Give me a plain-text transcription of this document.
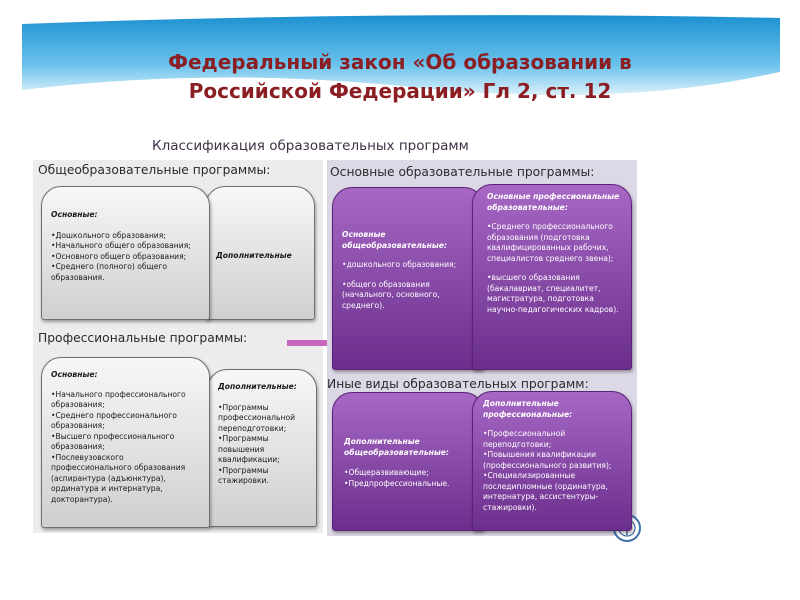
Федеральный закон «Об образовании в
Российской Федерации» Гл 2, ст. 12
Классификация образовательных программ
Общеобразовательные программы:
Основные:
•Дошкольного образования;
•Начального общего образования;
•Основного общего образования;
•Среднего (полного) общего образования.
Дополнительные
Профессиональные программы:
Основные:
•Начального профессионального образования;
•Среднего профессионального образования;
•Высшего профессионального образования;
•Послевузовского профессионального образования (аспирантура (адъюнктура), ординатура и интернатура, докторантура).
Дополнительные:
•Программы профессиональной переподготовки;
•Программы повышения квалификации;
•Программы стажировки.
Основные образовательные программы:
Основные общеобразовательные:
•дошкольного образования;
•общего образования (начального, основного, среднего).
Основные профессиональные образовательные:
•Среднего профессионального образования (подготовка квалифицированных рабочих, специалистов среднего звена);
•высшего образования (бакалавриат, специалитет, магистратура, подготовка научно-педагогических кадров).
Иные виды образовательных программ:
Дополнительные общеобразовательные:
•Общеразвивающие;
•Предпрофессиональные.
Дополнительные профессиональные:
•Профессиональной переподготовки;
•Повышения квалификации (профессионального развития);
•Специализированные последипломные (ординатура, интернатура, ассистентуры-стажировки).
